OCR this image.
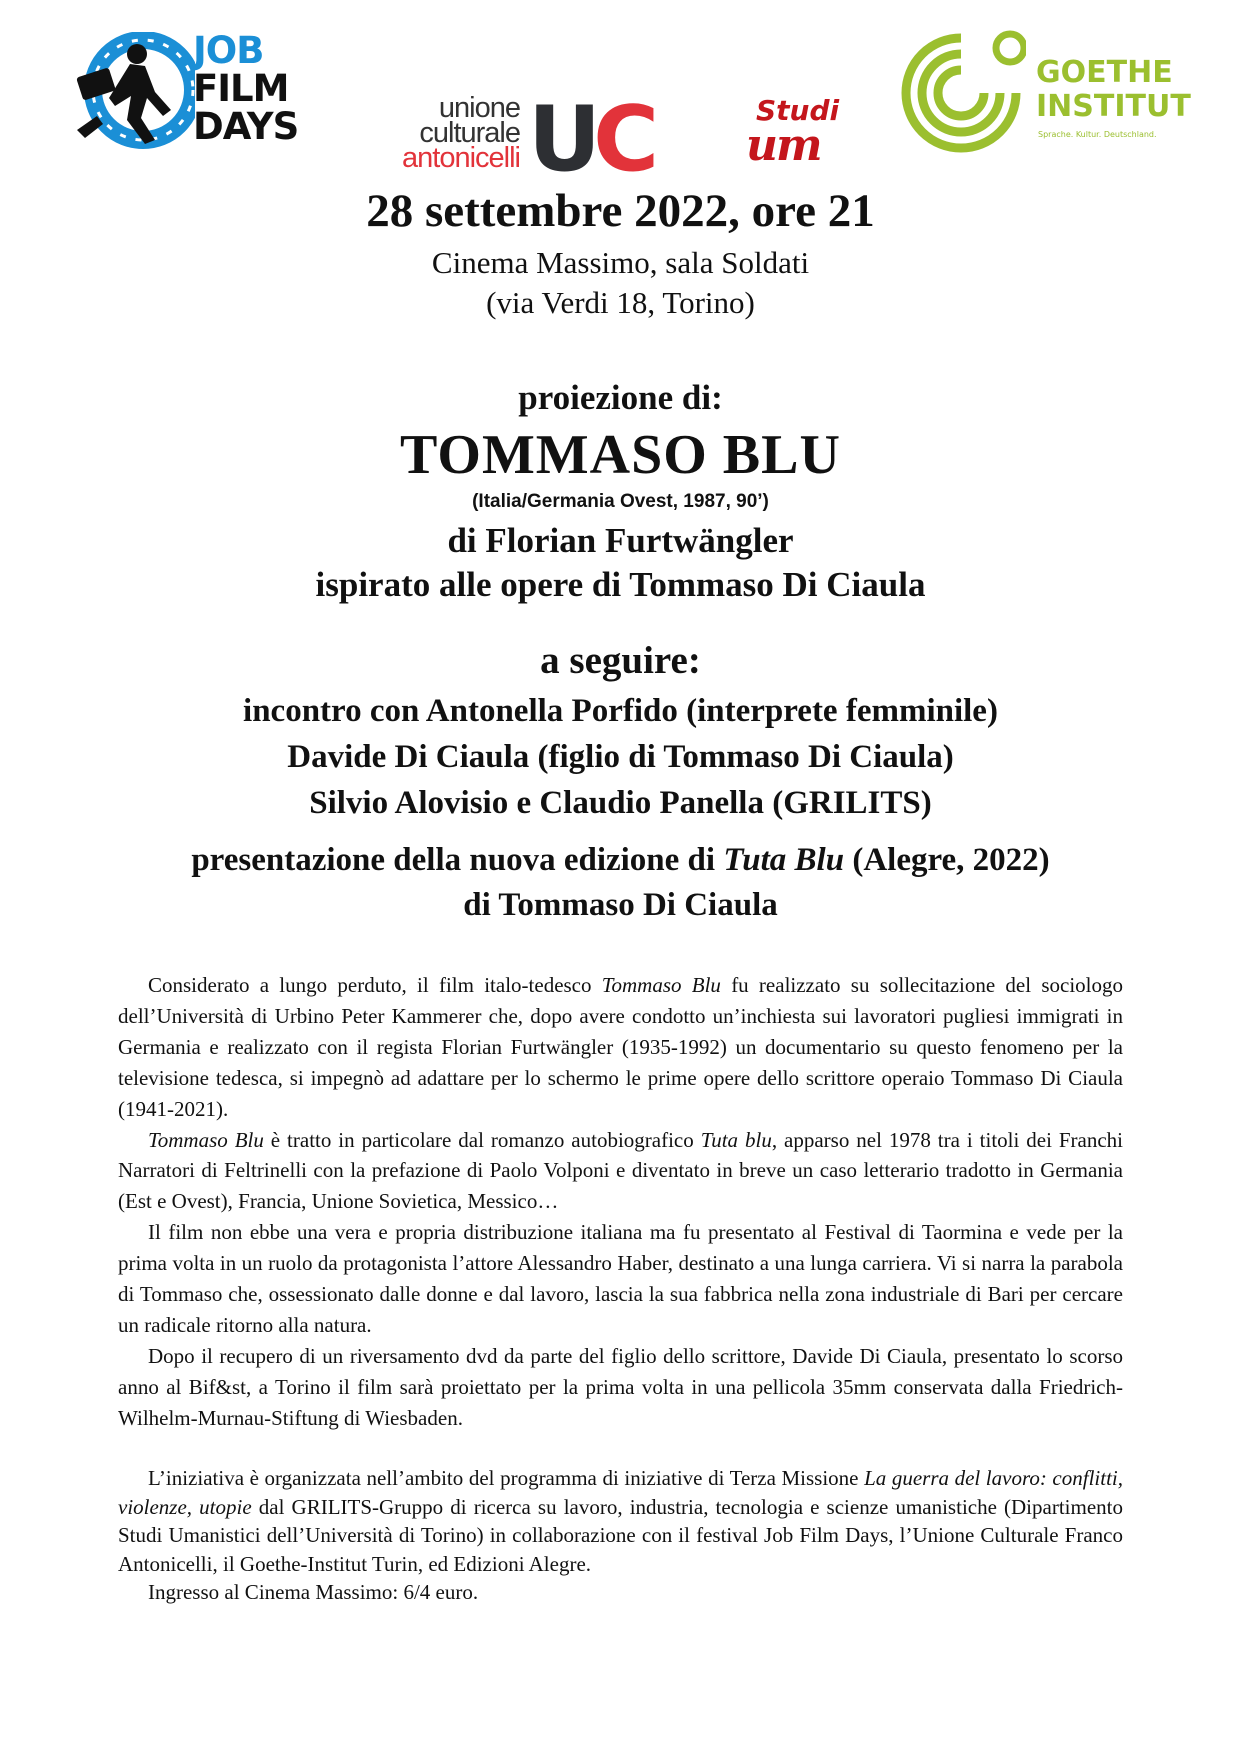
JOB
FILM
DAYS	unione
culturale
antonicelli UC	Studi
um
GOETHE
INSTITUT
Sprache. Kultur. Deutschland.
28 settembre 2022, ore 21
Cinema Massimo, sala Soldati
(via Verdi 18, Torino)
proiezione di:
TOMMASO BLU
(Italia/Germania Ovest, 1987, 90’)
di Florian Furtwängler
ispirato alle opere di Tommaso Di Ciaula
a seguire:
incontro con Antonella Porfido (interprete femminile)
Davide Di Ciaula (figlio di Tommaso Di Ciaula)
Silvio Alovisio e Claudio Panella (GRILITS)
presentazione della nuova edizione di Tuta Blu (Alegre, 2022)
di Tommaso Di Ciaula

Considerato a lungo perduto, il film italo-tedesco Tommaso Blu fu realizzato su sollecitazione del sociologo dell’Università di Urbino Peter Kammerer che, dopo avere condotto un’inchiesta sui lavoratori pugliesi immigrati in Germania e realizzato con il regista Florian Furtwängler (1935-1992) un documentario su questo fenomeno per la televisione tedesca, si impegnò ad adattare per lo schermo le prime opere dello scrittore operaio Tommaso Di Ciaula (1941-2021).

Tommaso Blu è tratto in particolare dal romanzo autobiografico Tuta blu, apparso nel 1978 tra i titoli dei Franchi Narratori di Feltrinelli con la prefazione di Paolo Volponi e diventato in breve un caso letterario tradotto in Germania (Est e Ovest), Francia, Unione Sovietica, Messico…

Il film non ebbe una vera e propria distribuzione italiana ma fu presentato al Festival di Taormina e vede per la prima volta in un ruolo da protagonista l’attore Alessandro Haber, destinato a una lunga carriera. Vi si narra la parabola di Tommaso che, ossessionato dalle donne e dal lavoro, lascia la sua fabbrica nella zona industriale di Bari per cercare un radicale ritorno alla natura.

Dopo il recupero di un riversamento dvd da parte del figlio dello scrittore, Davide Di Ciaula, presentato lo scorso anno al Bif&st, a Torino il film sarà proiettato per la prima volta in una pellicola 35mm conservata dalla Friedrich-Wilhelm-Murnau-Stiftung di Wiesbaden.

L’iniziativa è organizzata nell’ambito del programma di iniziative di Terza Missione La guerra del lavoro: conflitti, violenze, utopie dal GRILITS-Gruppo di ricerca su lavoro, industria, tecnologia e scienze umanistiche (Dipartimento Studi Umanistici dell’Università di Torino) in collaborazione con il festival Job Film Days, l’Unione Culturale Franco Antonicelli, il Goethe-Institut Turin, ed Edizioni Alegre.

Ingresso al Cinema Massimo: 6/4 euro.
